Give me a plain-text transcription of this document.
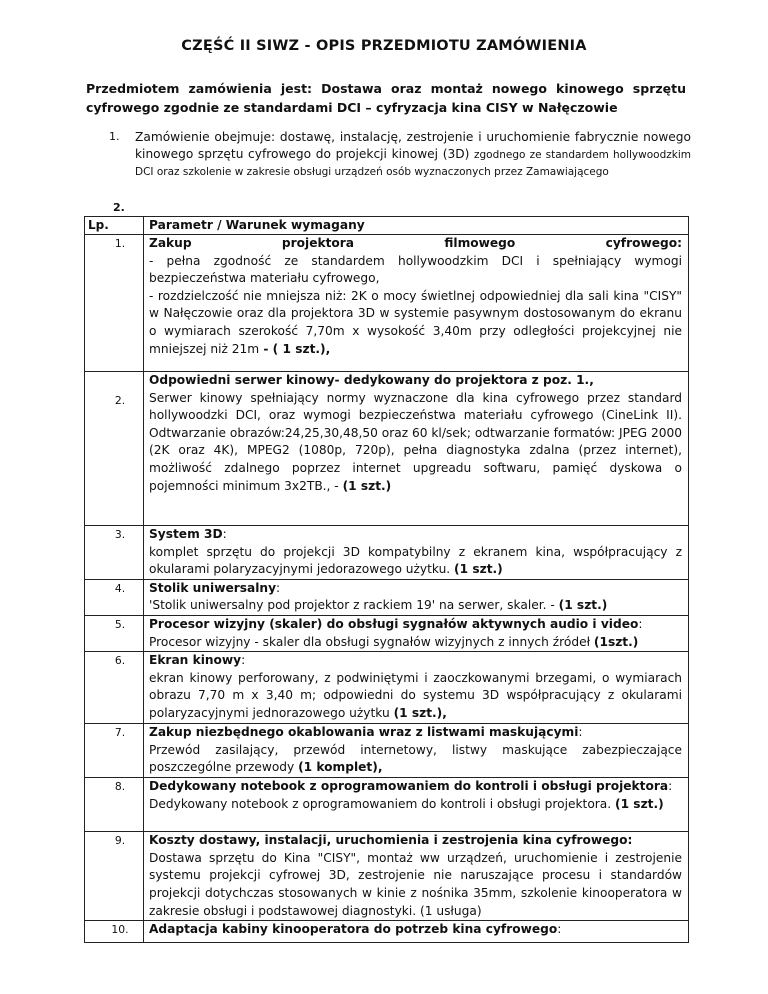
CZĘŚĆ II SIWZ - OPIS PRZEDMIOTU ZAMÓWIENIA
Przedmiotem zamówienia jest: Dostawa oraz montaż nowego kinowego sprzętu cyfrowego zgodnie ze standardami DCI – cyfryzacja kina CISY w Nałęczowie
1.	Zamówienie obejmuje: dostawę, instalację, zestrojenie i uruchomienie fabrycznie nowego kinowego sprzętu cyfrowego do projekcji kinowej (3D) zgodnego ze standardem hollywoodzkim DCI oraz szkolenie w zakresie obsługi urządzeń osób wyznaczonych przez Zamawiającego
2.
Lp.	Parametr / Warunek wymagany

1.	Zakup projektora filmowego cyfrowego:
- pełna zgodność ze standardem hollywoodzkim DCI i spełniający wymogi bezpieczeństwa materiału cyfrowego,
- rozdzielczość nie mniejsza niż: 2K o mocy świetlnej odpowiedniej dla sali kina "CISY" w Nałęczowie oraz dla projektora 3D w systemie pasywnym dostosowanym do ekranu o wymiarach szerokość 7,70m x wysokość 3,40m przy odległości projekcyjnej nie mniejszej niż 21m - ( 1 szt.),

2.	Odpowiedni serwer kinowy- dedykowany do projektora z poz. 1.,
Serwer kinowy spełniający normy wyznaczone dla kina cyfrowego przez standard hollywoodzki DCI, oraz wymogi bezpieczeństwa materiału cyfrowego (CineLink II). Odtwarzanie obrazów:24,25,30,48,50 oraz 60 kl/sek; odtwarzanie formatów: JPEG 2000 (2K oraz 4K), MPEG2 (1080p, 720p), pełna diagnostyka zdalna (przez internet), możliwość zdalnego poprzez internet upgreadu softwaru, pamięć dyskowa o pojemności minimum 3x2TB., - (1 szt.)

3.	System 3D:
komplet sprzętu do projekcji 3D kompatybilny z ekranem kina, współpracujący z okularami polaryzacyjnymi jedorazowego użytku. (1 szt.)

4.	Stolik uniwersalny:
'Stolik uniwersalny pod projektor z rackiem 19' na serwer, skaler. - (1 szt.)

5.	Procesor wizyjny (skaler) do obsługi sygnałów aktywnych audio i video:
Procesor wizyjny - skaler dla obsługi sygnałów wizyjnych z innych źródeł (1szt.)

6.	Ekran kinowy:
ekran kinowy perforowany, z podwiniętymi i zaoczkowanymi brzegami, o wymiarach obrazu 7,70 m x 3,40 m; odpowiedni do systemu 3D współpracujący z okularami polaryzacyjnymi jednorazowego użytku (1 szt.),

7.	Zakup niezbędnego okablowania wraz z listwami maskującymi:
Przewód zasilający, przewód internetowy, listwy maskujące zabezpieczające poszczególne przewody (1 komplet),

8.	Dedykowany notebook z oprogramowaniem do kontroli i obsługi projektora:
Dedykowany notebook z oprogramowaniem do kontroli i obsługi projektora. (1 szt.)

9.	Koszty dostawy, instalacji, uruchomienia i zestrojenia kina cyfrowego:
Dostawa sprzętu do Kina "CISY", montaż ww urządzeń, uruchomienie i zestrojenie systemu projekcji cyfrowej 3D, zestrojenie nie naruszające procesu i standardów projekcji dotychczas stosowanych w kinie z nośnika 35mm, szkolenie kinooperatora w zakresie obsługi i podstawowej diagnostyki. (1 usługa)

10.	Adaptacja kabiny kinooperatora do potrzeb kina cyfrowego:
